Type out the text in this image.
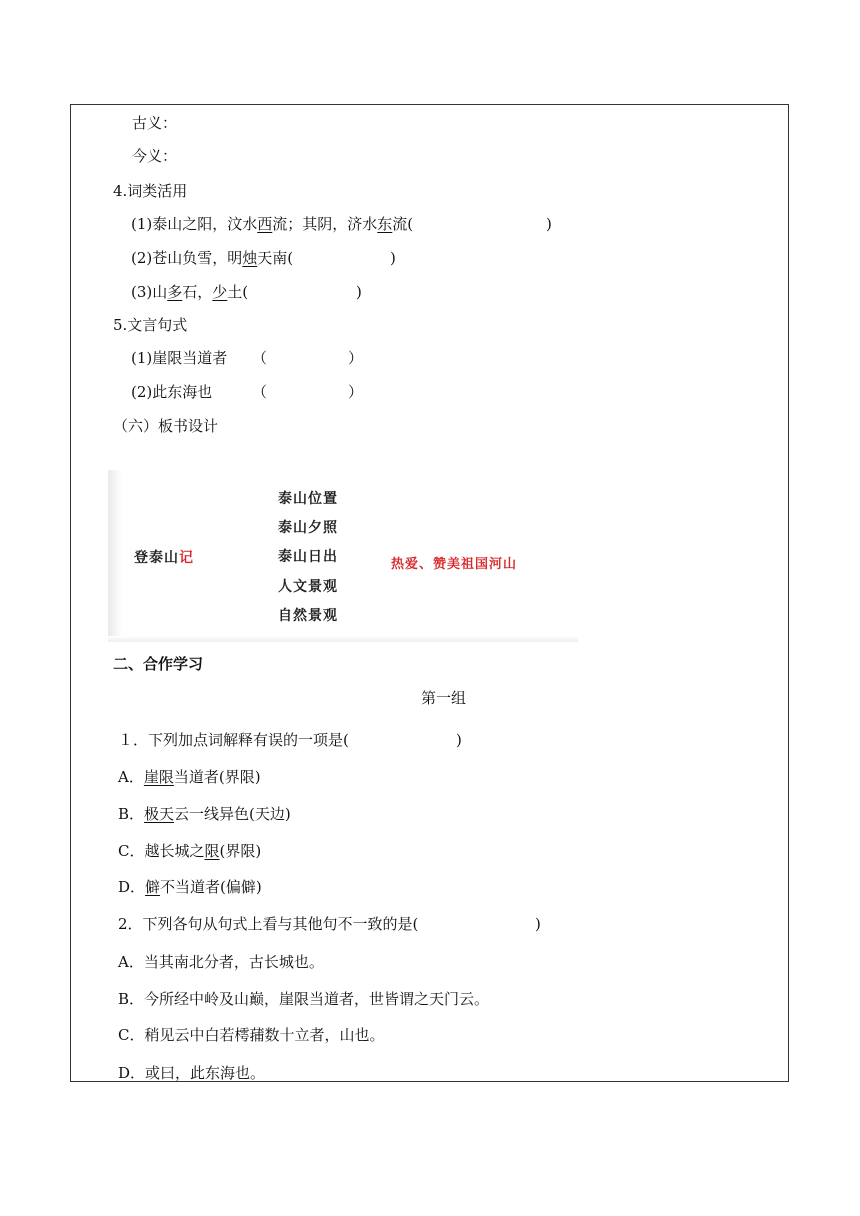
古义：
今义：
4.词类活用
(1)泰山之阳，汶水西流；其阴，济水东流(	)
(2)苍山负雪，明烛天南(	)
(3)山多石，少土(	)
5.文言句式
(1)崖限当道者 （	）
(2)此东海也	（	）
（六）板书设计
登泰山记
泰山位置
泰山夕照
泰山日出
人文景观
自然景观
热爱、赞美祖国河山
二、合作学习
第一组
１．下列加点词解释有误的一项是(	)
A．崖限当道者(界限)
B．极天云一线异色(天边)
C．越长城之限(界限)
D．僻不当道者(偏僻)
2．下列各句从句式上看与其他句不一致的是(	)
A．当其南北分者，古长城也。
B．今所经中岭及山巅，崖限当道者，世皆谓之天门云。
C．稍见云中白若樗蒱数十立者，山也。
D．或曰，此东海也。
